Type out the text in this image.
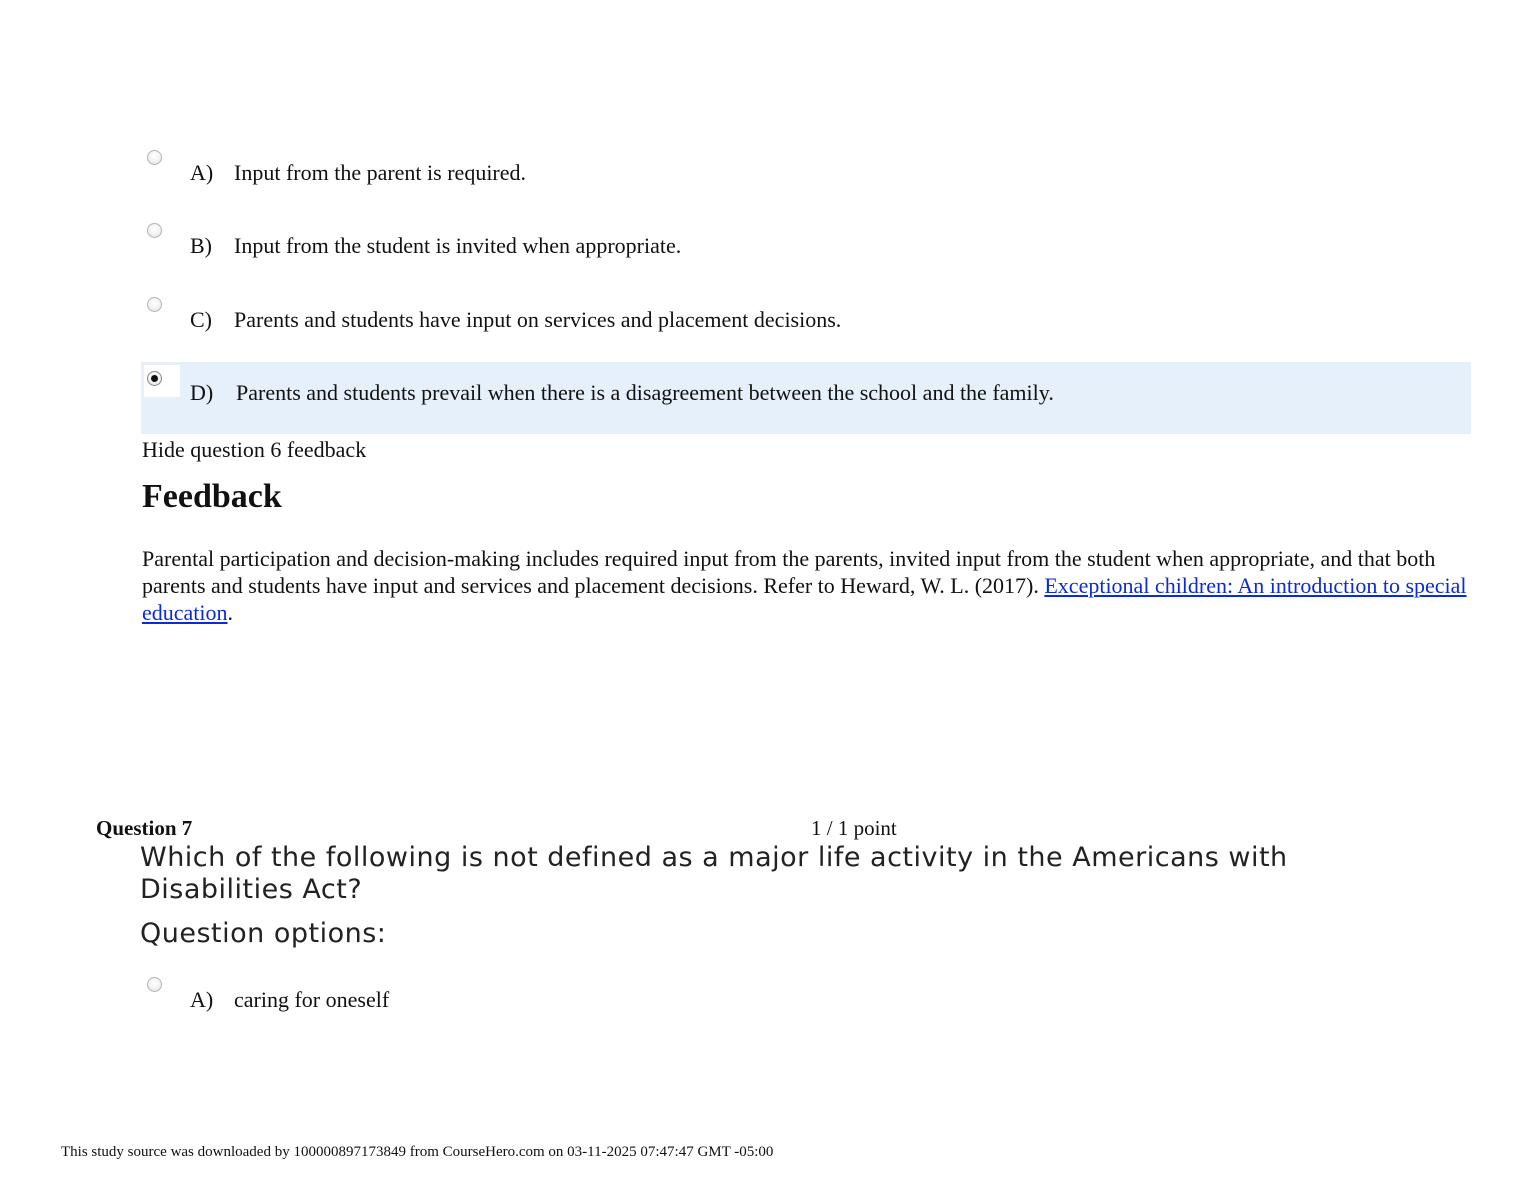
A) Input from the parent is required.
B) Input from the student is invited when appropriate.
C) Parents and students have input on services and placement decisions.
D) Parents and students prevail when there is a disagreement between the school and the family.
Hide question 6 feedback
Feedback
Parental participation and decision-making includes required input from the parents, invited input from the student when appropriate, and that both parents and students have input and services and placement decisions. Refer to Heward, W. L. (2017). Exceptional children: An introduction to special education.
Question 7	1 / 1 point
Which of the following is not defined as a major life activity in the Americans with Disabilities Act?
Question options:
A) caring for oneself
This study source was downloaded by 100000897173849 from CourseHero.com on 03-11-2025 07:47:47 GMT -05:00
